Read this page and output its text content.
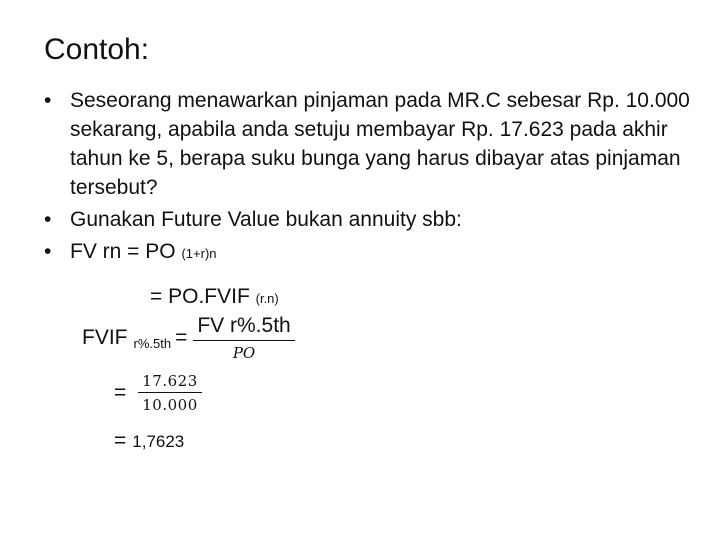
Contoh:
• Seseorang menawarkan pinjaman pada MR.C sebesar Rp. 10.000 sekarang, apabila anda setuju membayar Rp. 17.623 pada akhir tahun ke 5, berapa suku bunga yang harus dibayar atas pinjaman tersebut?
• Gunakan Future Value bukan annuity sbb:
• FV rn = PO (1+r)n
= PO.FVIF (r.n)
FVIF $r\%.5th = \frac{\text{FV r\%.5th}}{PO}$
= $\frac{17.623}{10.000}$
= 1,7623
